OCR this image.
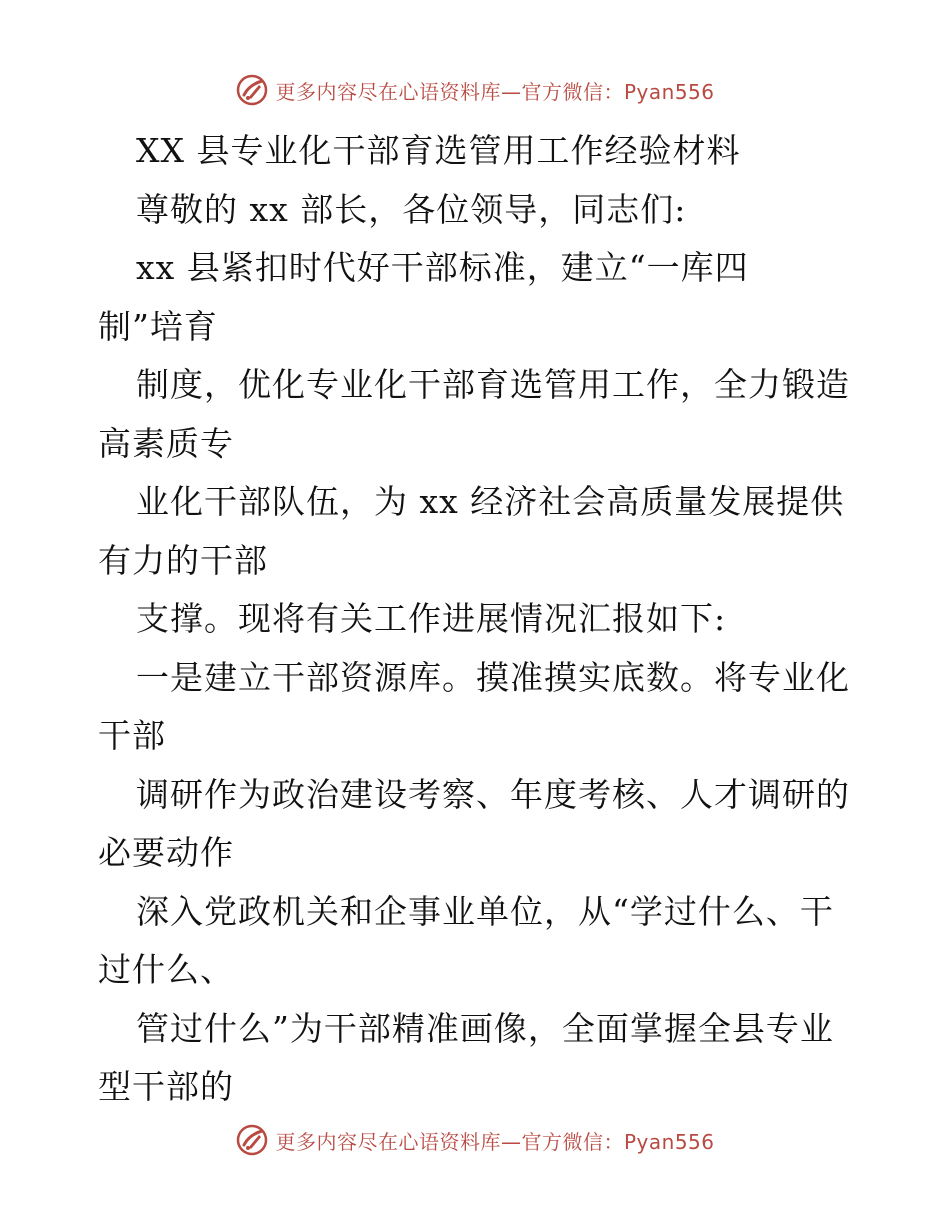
更多内容尽在心语资料库—官方微信：Pyan556
XX 县专业化干部育选管用工作经验材料
尊敬的 xx 部长，各位领导，同志们:
xx 县紧扣时代好干部标准，建立“一库四
制”培育
制度，优化专业化干部育选管用工作，全力锻造
高素质专
业化干部队伍，为 xx 经济社会高质量发展提供
有力的干部
支撑。现将有关工作进展情况汇报如下:
一是建立干部资源库。摸准摸实底数。将专业化
干部
调研作为政治建设考察、年度考核、人才调研的
必要动作
深入党政机关和企事业单位，从“学过什么、干
过什么、
管过什么”为干部精准画像，全面掌握全县专业
型干部的
更多内容尽在心语资料库—官方微信：Pyan556
